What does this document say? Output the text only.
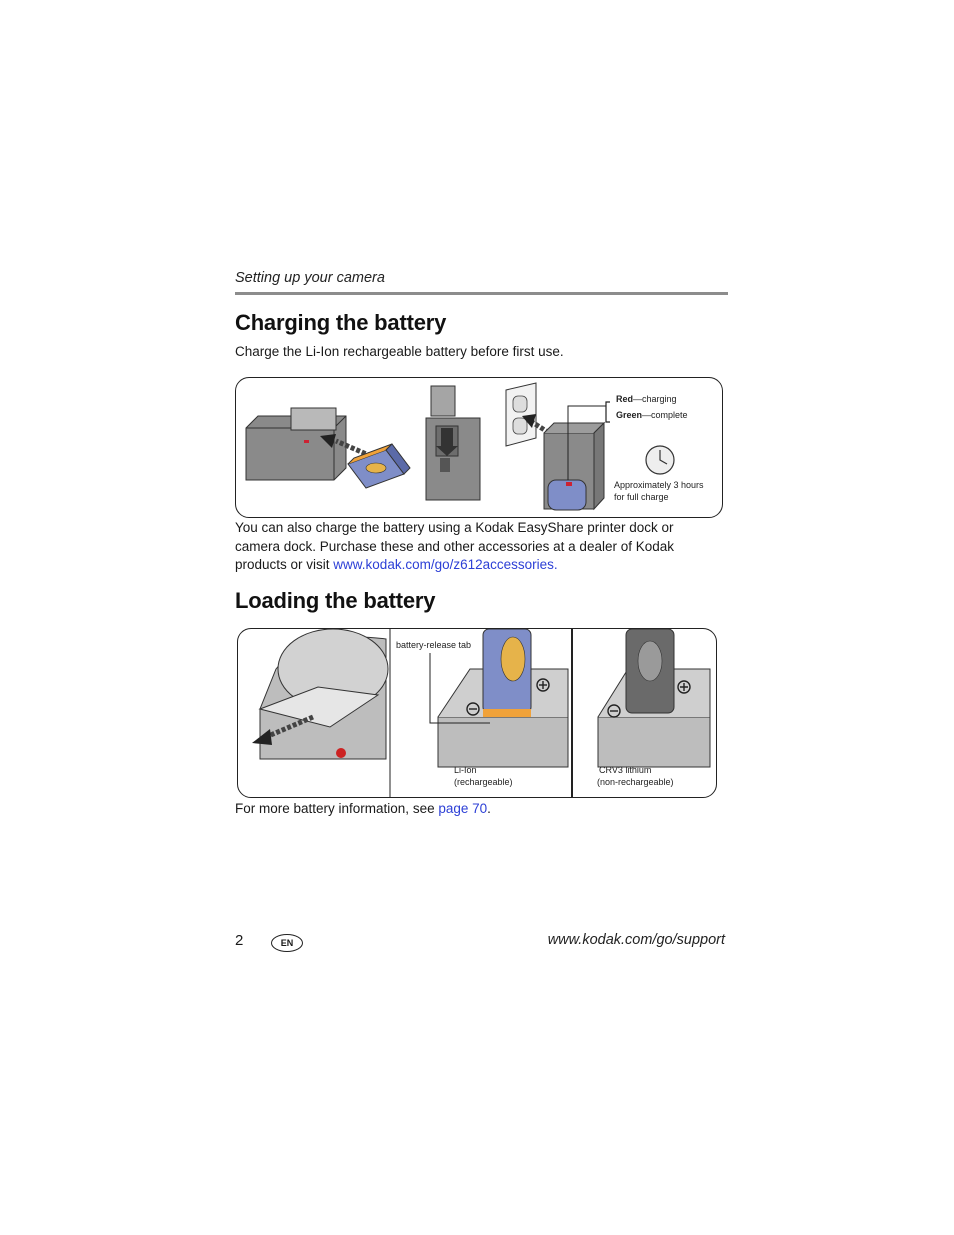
Setting up your camera
Charging the battery
Charge the Li-Ion rechargeable battery before first use.
Red—charging
Green—complete
Approximately 3 hours
for full charge
You can also charge the battery using a Kodak EasyShare printer dock or camera dock. Purchase these and other accessories at a dealer of Kodak products or visit www.kodak.com/go/z612accessories.
Loading the battery
battery-release tab
Li-Ion
(rechargeable)
CRV3 lithium
(non-rechargeable)
For more battery information, see page 70.
2	EN	www.kodak.com/go/support
